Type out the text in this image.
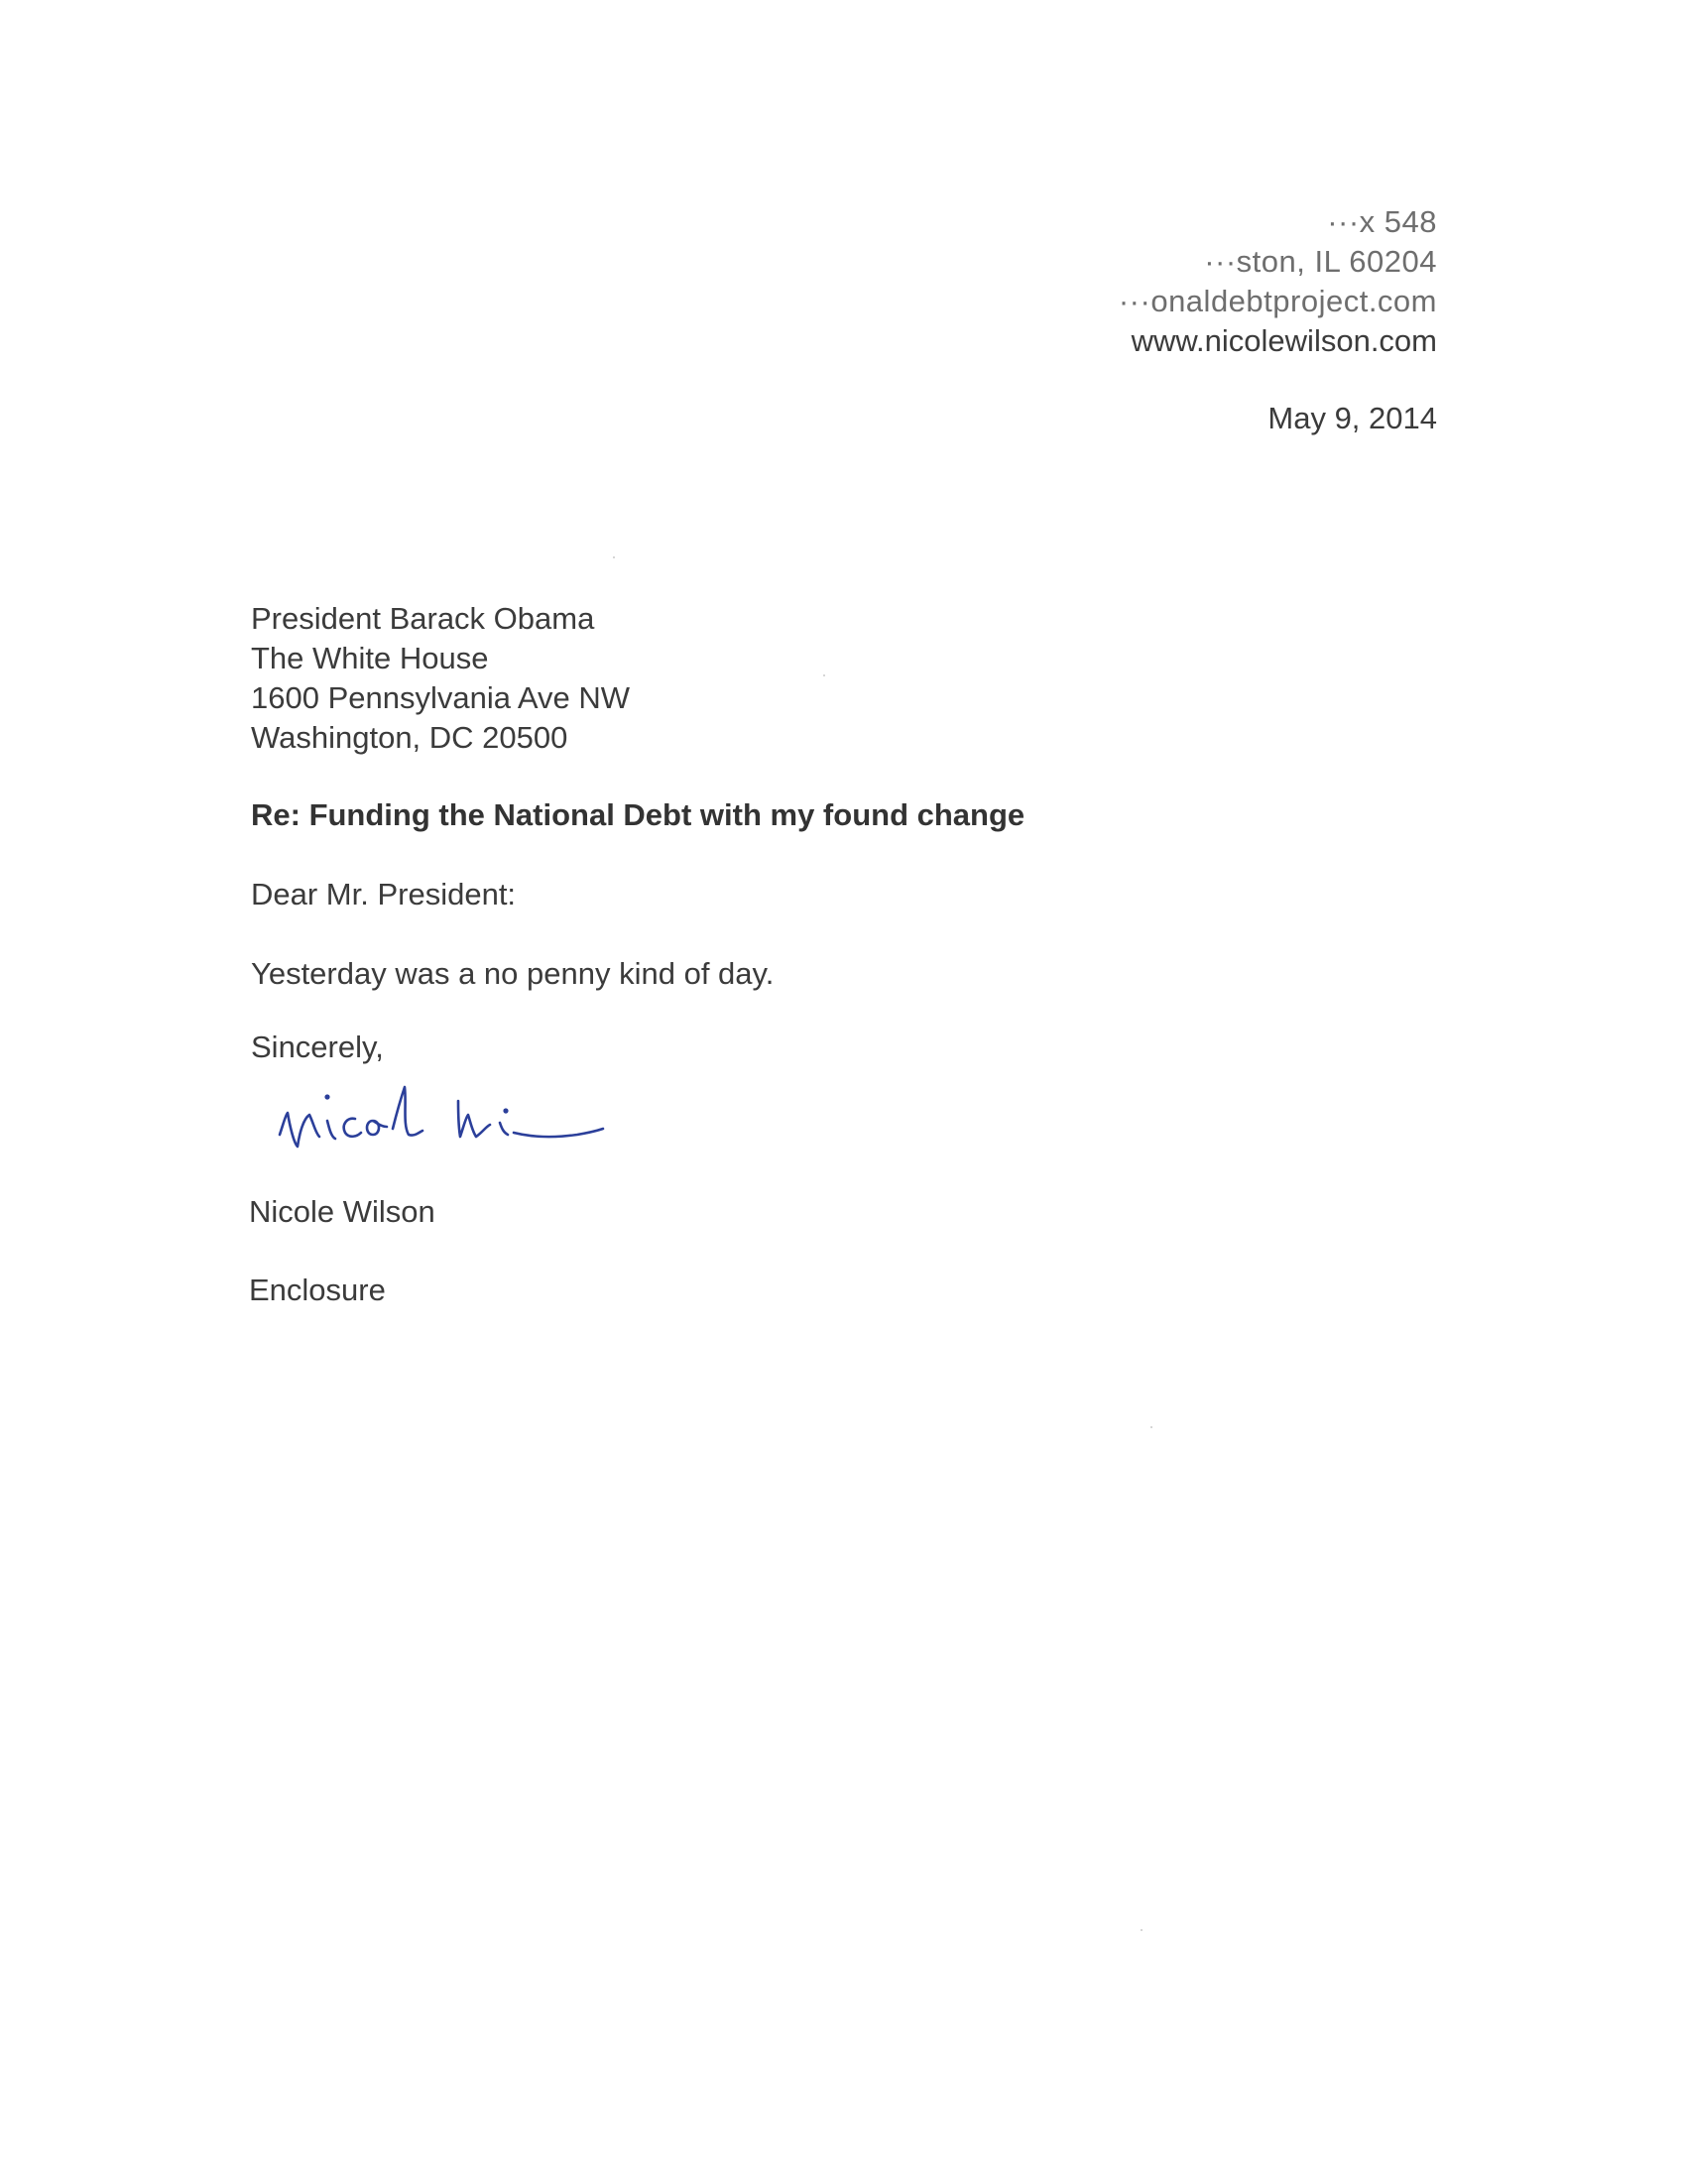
···x 548
···ston, IL 60204
···onaldebtproject.com
www.nicolewilson.com
May 9, 2014
President Barack Obama
The White House
1600 Pennsylvania Ave NW
Washington, DC 20500
Re: Funding the National Debt with my found change
Dear Mr. President:
Yesterday was a no penny kind of day.
Sincerely,
Nicole Wilson
Enclosure
